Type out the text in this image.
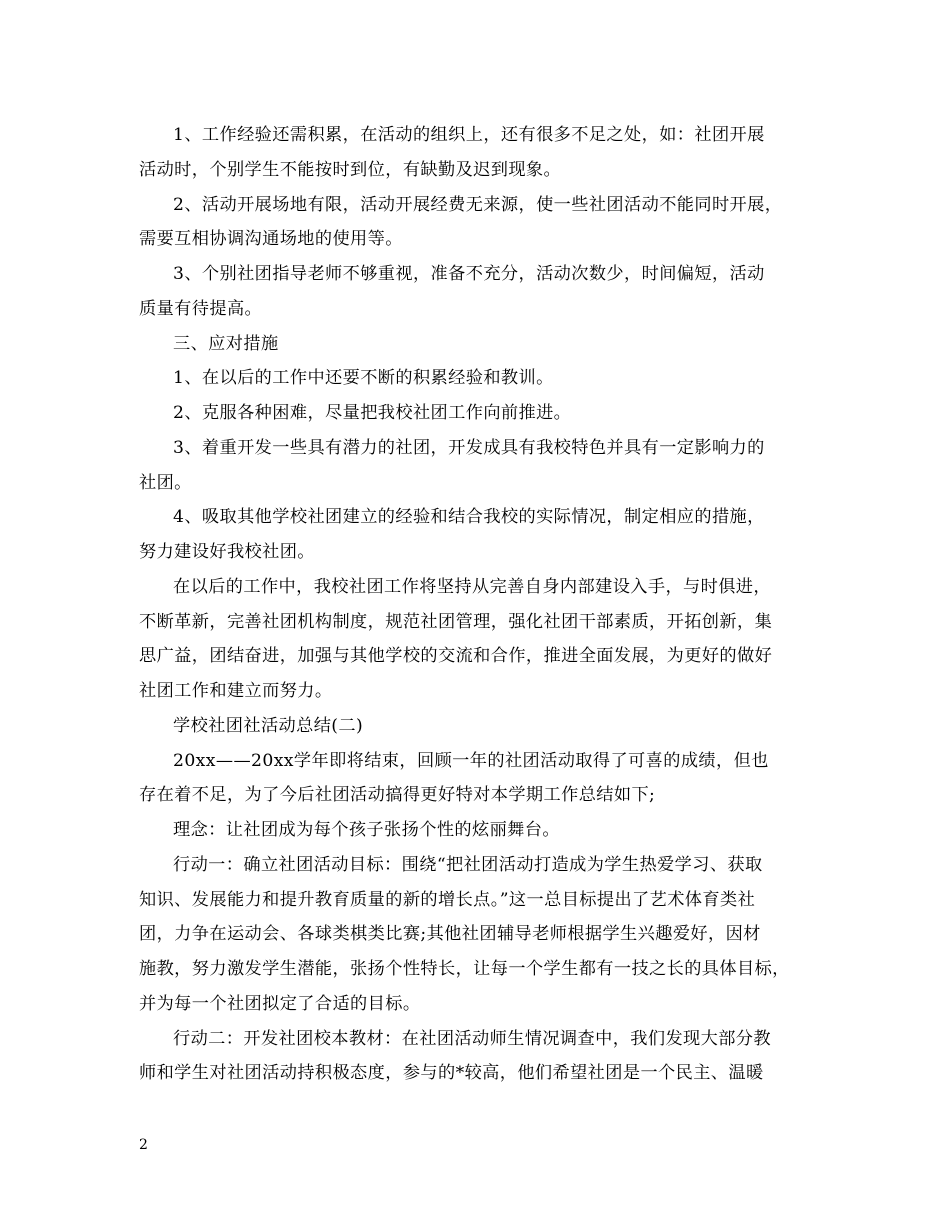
1、工作经验还需积累，在活动的组织上，还有很多不足之处，如：社团开展
活动时，个别学生不能按时到位，有缺勤及迟到现象。
2、活动开展场地有限，活动开展经费无来源，使一些社团活动不能同时开展，
需要互相协调沟通场地的使用等。
3、个别社团指导老师不够重视，准备不充分，活动次数少，时间偏短，活动
质量有待提高。
三、应对措施
1、在以后的工作中还要不断的积累经验和教训。
2、克服各种困难，尽量把我校社团工作向前推进。
3、着重开发一些具有潜力的社团，开发成具有我校特色并具有一定影响力的
社团。
4、吸取其他学校社团建立的经验和结合我校的实际情况，制定相应的措施，
努力建设好我校社团。
在以后的工作中，我校社团工作将坚持从完善自身内部建设入手，与时俱进，
不断革新，完善社团机构制度，规范社团管理，强化社团干部素质，开拓创新，集
思广益，团结奋进，加强与其他学校的交流和合作，推进全面发展，为更好的做好
社团工作和建立而努力。
学校社团社活动总结(二)
20xx——20xx学年即将结束，回顾一年的社团活动取得了可喜的成绩，但也
存在着不足，为了今后社团活动搞得更好特对本学期工作总结如下;
理念：让社团成为每个孩子张扬个性的炫丽舞台。
行动一：确立社团活动目标：围绕“把社团活动打造成为学生热爱学习、获取
知识、发展能力和提升教育质量的新的增长点。”这一总目标提出了艺术体育类社
团，力争在运动会、各球类棋类比赛;其他社团辅导老师根据学生兴趣爱好，因材
施教，努力激发学生潜能，张扬个性特长，让每一个学生都有一技之长的具体目标，
并为每一个社团拟定了合适的目标。
行动二：开发社团校本教材：在社团活动师生情况调查中，我们发现大部分教
师和学生对社团活动持积极态度，参与的*较高，他们希望社团是一个民主、温暖
2
